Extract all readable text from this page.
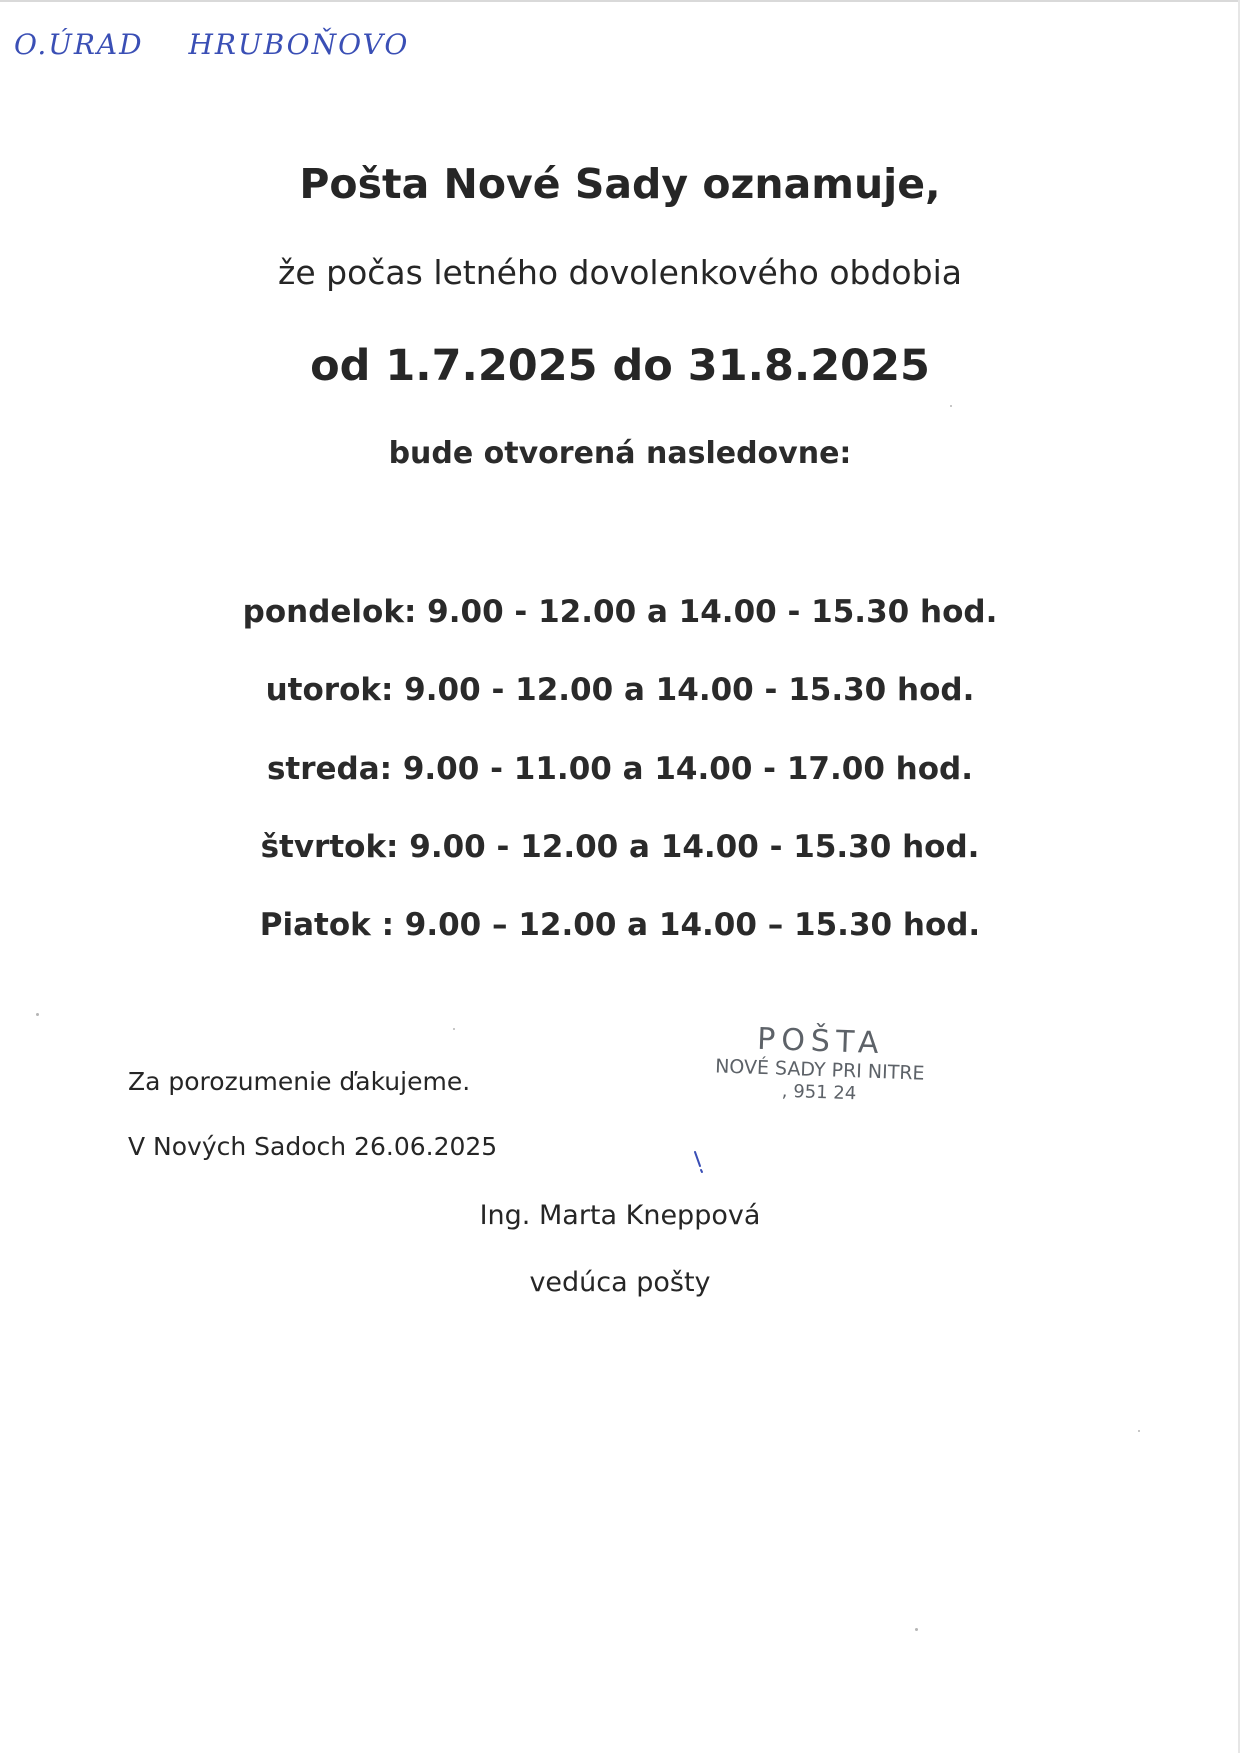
O.ÚRAD HRUBOŇOVO
Pošta Nové Sady oznamuje,
že počas letného dovolenkového obdobia
od 1.7.2025 do 31.8.2025
bude otvorená nasledovne:
pondelok: 9.00 - 12.00 a 14.00 - 15.30 hod.
utorok: 9.00 - 12.00 a 14.00 - 15.30 hod.
streda: 9.00 - 11.00 a 14.00 - 17.00 hod.
štvrtok: 9.00 - 12.00 a 14.00 - 15.30 hod.
Piatok : 9.00 – 12.00 a 14.00 – 15.30 hod.
Za porozumenie ďakujeme.
V Nových Sadoch 26.06.2025
POŠTA
NOVÉ SADY PRI NITRE
, 951 24
Ing. Marta Kneppová
vedúca pošty
